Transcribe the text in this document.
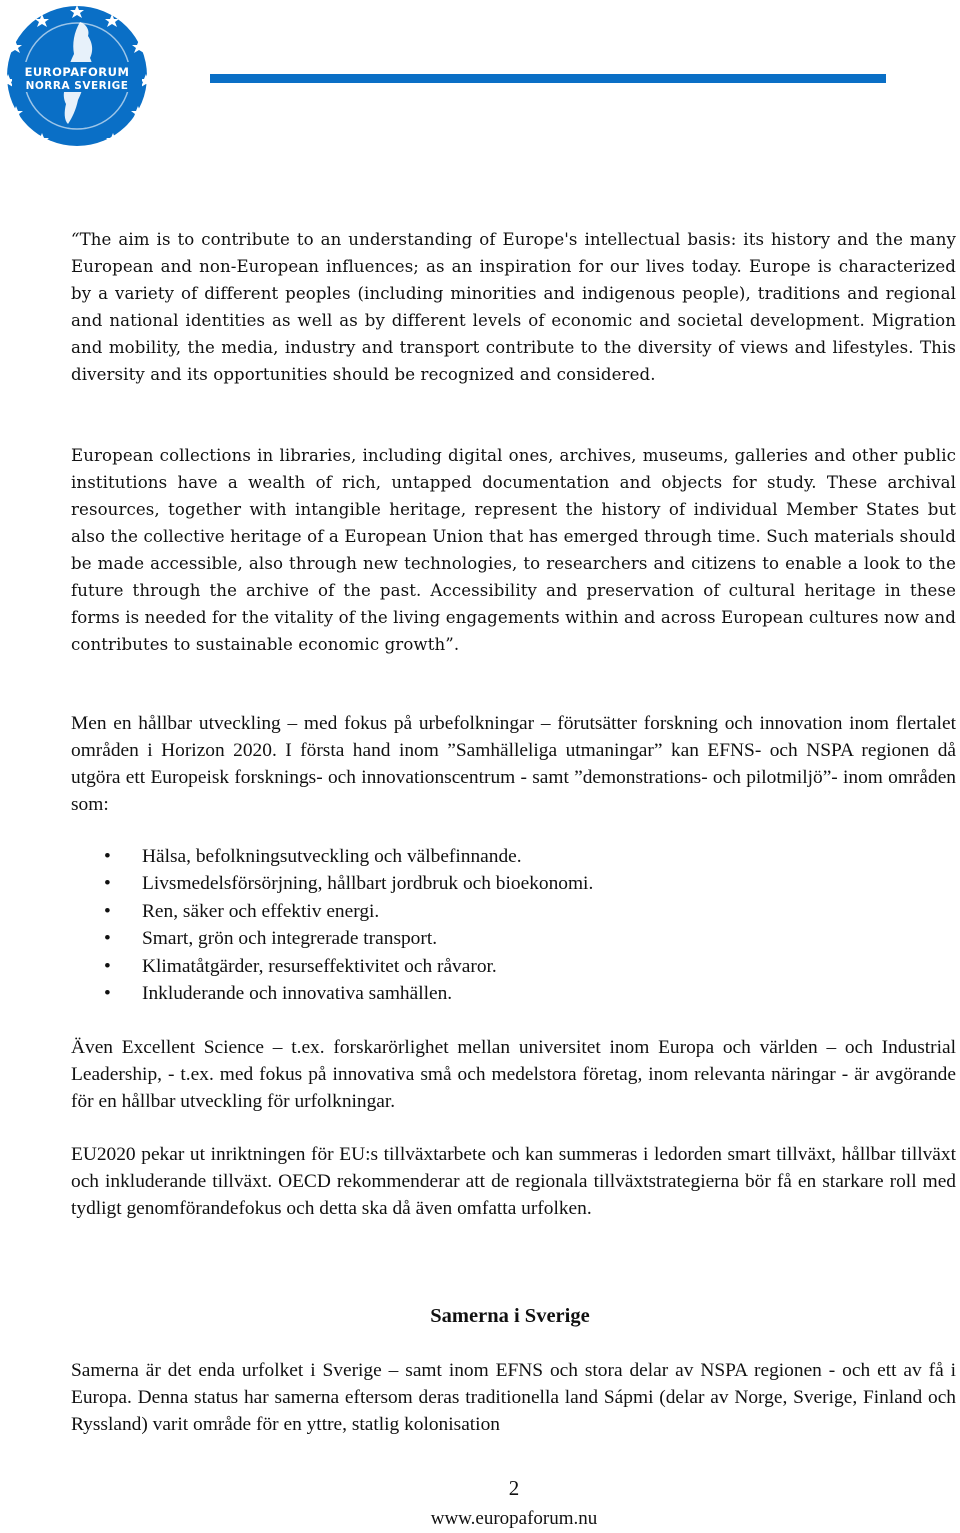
EUROPAFORUM
NORRA SVERIGE

“The aim is to contribute to an understanding of Europe's intellectual basis: its history and the many European and non-European influences; as an inspiration for our lives today. Europe is characterized by a variety of different peoples (including minorities and indigenous people), traditions and regional and national identities as well as by different levels of economic and societal development. Migration and mobility, the media, industry and transport contribute to the diversity of views and lifestyles. This diversity and its opportunities should be recognized and considered.

European collections in libraries, including digital ones, archives, museums, galleries and other public institutions have a wealth of rich, untapped documentation and objects for study. These archival resources, together with intangible heritage, represent the history of individual Member States but also the collective heritage of a European Union that has emerged through time. Such materials should be made accessible, also through new technologies, to researchers and citizens to enable a look to the future through the archive of the past. Accessibility and preservation of cultural heritage in these forms is needed for the vitality of the living engagements within and across European cultures now and contributes to sustainable economic growth”.

Men en hållbar utveckling – med fokus på urbefolkningar – förutsätter forskning och innovation inom flertalet områden i Horizon 2020. I första hand inom ”Samhälleliga utmaningar” kan EFNS- och NSPA regionen då utgöra ett Europeisk forsknings- och innovationscentrum - samt ”demonstrations- och pilotmiljö”- inom områden som:

• Hälsa, befolkningsutveckling och välbefinnande.
• Livsmedelsförsörjning, hållbart jordbruk och bioekonomi.
• Ren, säker och effektiv energi.
• Smart, grön och integrerade transport.
• Klimatåtgärder, resurseffektivitet och råvaror.
• Inkluderande och innovativa samhällen.

Även Excellent Science – t.ex. forskarörlighet mellan universitet inom Europa och världen – och Industrial Leadership, - t.ex. med fokus på innovativa små och medelstora företag, inom relevanta näringar - är avgörande för en hållbar utveckling för urfolkningar.

EU2020 pekar ut inriktningen för EU:s tillväxtarbete och kan summeras i ledorden smart tillväxt, hållbar tillväxt och inkluderande tillväxt. OECD rekommenderar att de regionala tillväxtstrategierna bör få en starkare roll med tydligt genomförandefokus och detta ska då även omfatta urfolken.

Samerna i Sverige

Samerna är det enda urfolket i Sverige – samt inom EFNS och stora delar av NSPA regionen - och ett av få i Europa. Denna status har samerna eftersom deras traditionella land Sápmi (delar av Norge, Sverige, Finland och Ryssland) varit område för en yttre, statlig kolonisation

2
www.europaforum.nu
